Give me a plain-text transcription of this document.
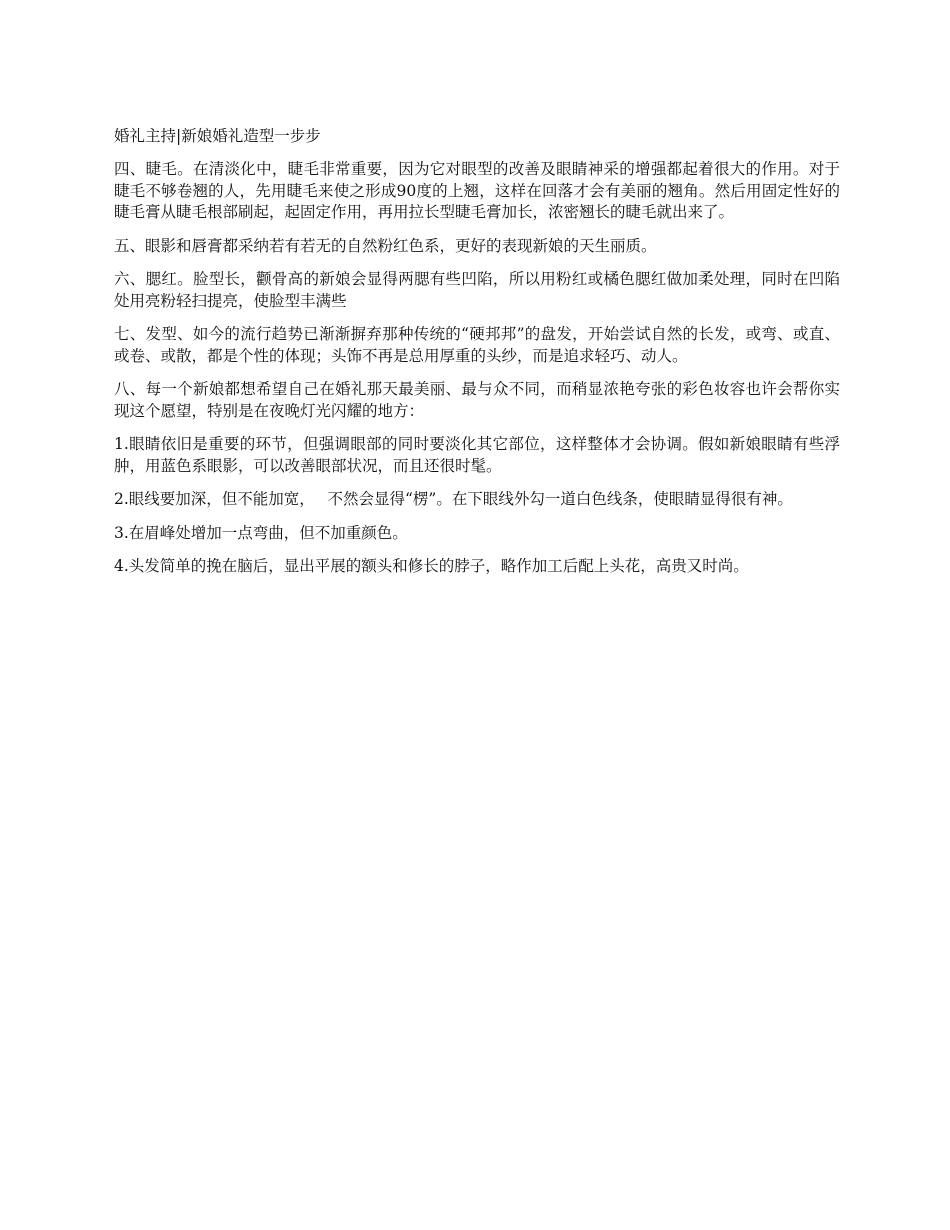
婚礼主持|新娘婚礼造型一步步

四、睫毛。在清淡化中，睫毛非常重要，因为它对眼型的改善及眼睛神采的增强都起着很大的作用。对于睫毛不够卷翘的人，先用睫毛来使之形成90度的上翘，这样在回落才会有美丽的翘角。然后用固定性好的睫毛膏从睫毛根部刷起，起固定作用，再用拉长型睫毛膏加长，浓密翘长的睫毛就出来了。

五、眼影和唇膏都采纳若有若无的自然粉红色系，更好的表现新娘的天生丽质。

六、腮红。脸型长，颧骨高的新娘会显得两腮有些凹陷，所以用粉红或橘色腮红做加柔处理，同时在凹陷处用亮粉轻扫提亮，使脸型丰满些

七、发型、如今的流行趋势已渐渐摒弃那种传统的“硬邦邦”的盘发，开始尝试自然的长发，或弯、或直、或卷、或散，都是个性的体现；头饰不再是总用厚重的头纱，而是追求轻巧、动人。

八、每一个新娘都想希望自己在婚礼那天最美丽、最与众不同，而稍显浓艳夸张的彩色妆容也许会帮你实现这个愿望，特别是在夜晚灯光闪耀的地方：

1.眼睛依旧是重要的环节，但强调眼部的同时要淡化其它部位，这样整体才会协调。假如新娘眼睛有些浮肿，用蓝色系眼影，可以改善眼部状况，而且还很时髦。

2.眼线要加深，但不能加宽，　 不然会显得“楞”。在下眼线外勾一道白色线条，使眼睛显得很有神。

3.在眉峰处增加一点弯曲，但不加重颜色。

4.头发简单的挽在脑后，显出平展的额头和修长的脖子，略作加工后配上头花，高贵又时尚。
